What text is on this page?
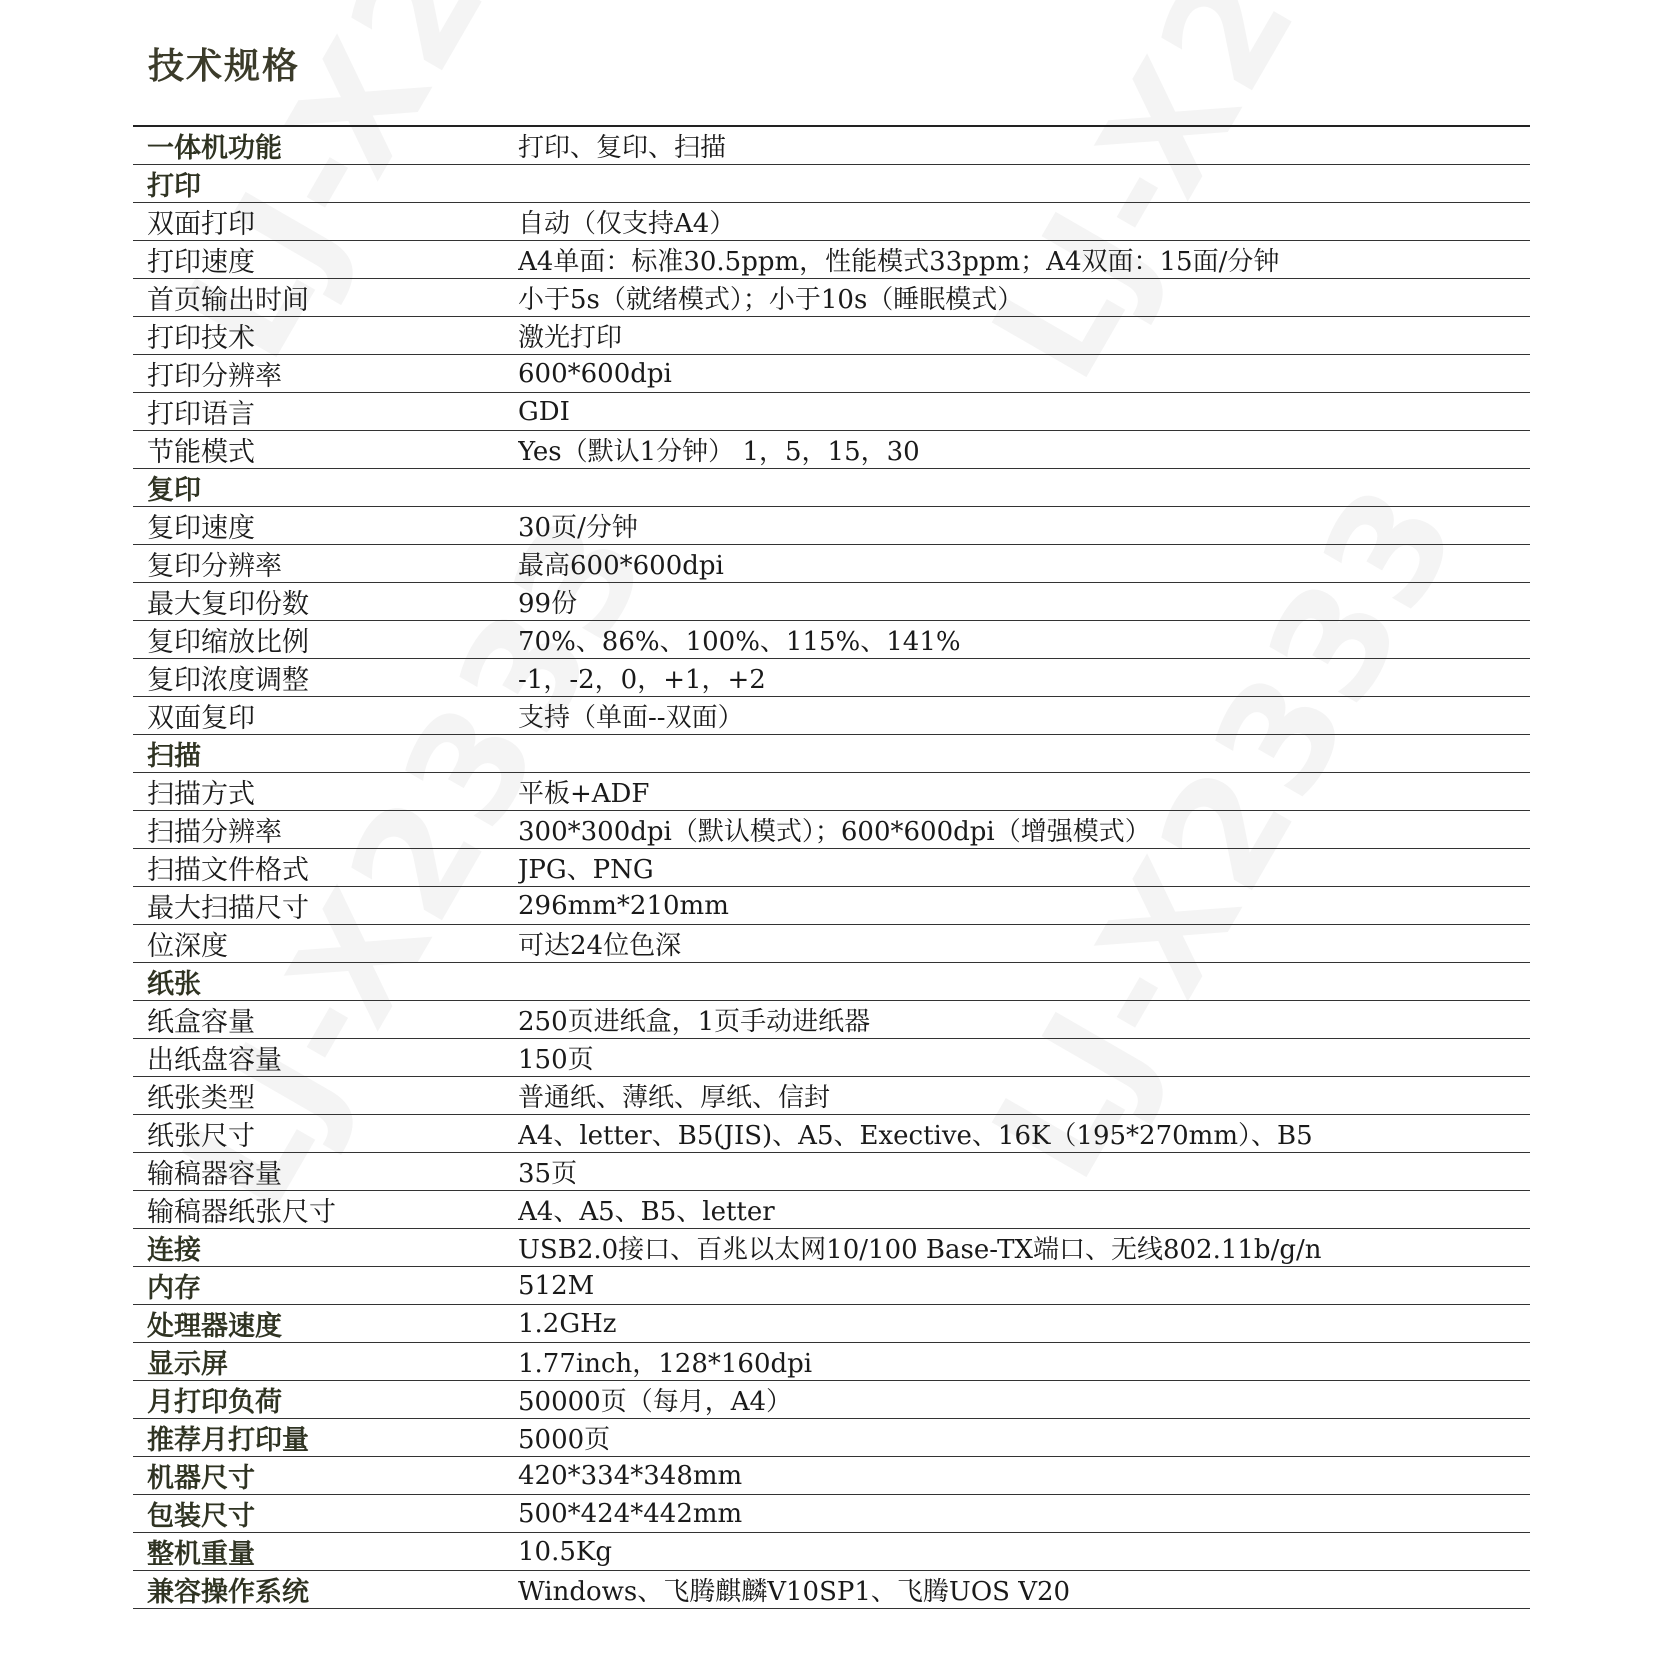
技术规格
一体机功能	打印、复印、扫描
打印
双面打印	自动（仅支持A4）
打印速度	A4单面：标准30.5ppm，性能模式33ppm；A4双面：15面/分钟
首页输出时间	小于5s（就绪模式）；小于10s（睡眠模式）
打印技术	激光打印
打印分辨率	600*600dpi
打印语言	GDI
节能模式	Yes（默认1分钟） 1，5，15，30
复印
复印速度	30页/分钟
复印分辨率	最高600*600dpi
最大复印份数	99份
复印缩放比例	70%、86%、100%、115%、141%
复印浓度调整	-1，-2，0，+1，+2
双面复印	支持（单面--双面）
扫描
扫描方式	平板+ADF
扫描分辨率	300*300dpi（默认模式）；600*600dpi（增强模式）
扫描文件格式	JPG、PNG
最大扫描尺寸	296mm*210mm
位深度	可达24位色深
纸张
纸盒容量	250页进纸盒，1页手动进纸器
出纸盘容量	150页
纸张类型	普通纸、薄纸、厚纸、信封
纸张尺寸	A4、letter、B5(JIS)、A5、Exective、16K（195*270mm）、B5
输稿器容量	35页
输稿器纸张尺寸	A4、A5、B5、letter
连接	USB2.0接口、百兆以太网10/100 Base-TX端口、无线802.11b/g/n
内存	512M
处理器速度	1.2GHz
显示屏	1.77inch，128*160dpi
月打印负荷	50000页（每月，A4）
推荐月打印量	5000页
机器尺寸	420*334*348mm
包装尺寸	500*424*442mm
整机重量	10.5Kg
兼容操作系统	Windows、飞腾麒麟V10SP1、飞腾UOS V20
